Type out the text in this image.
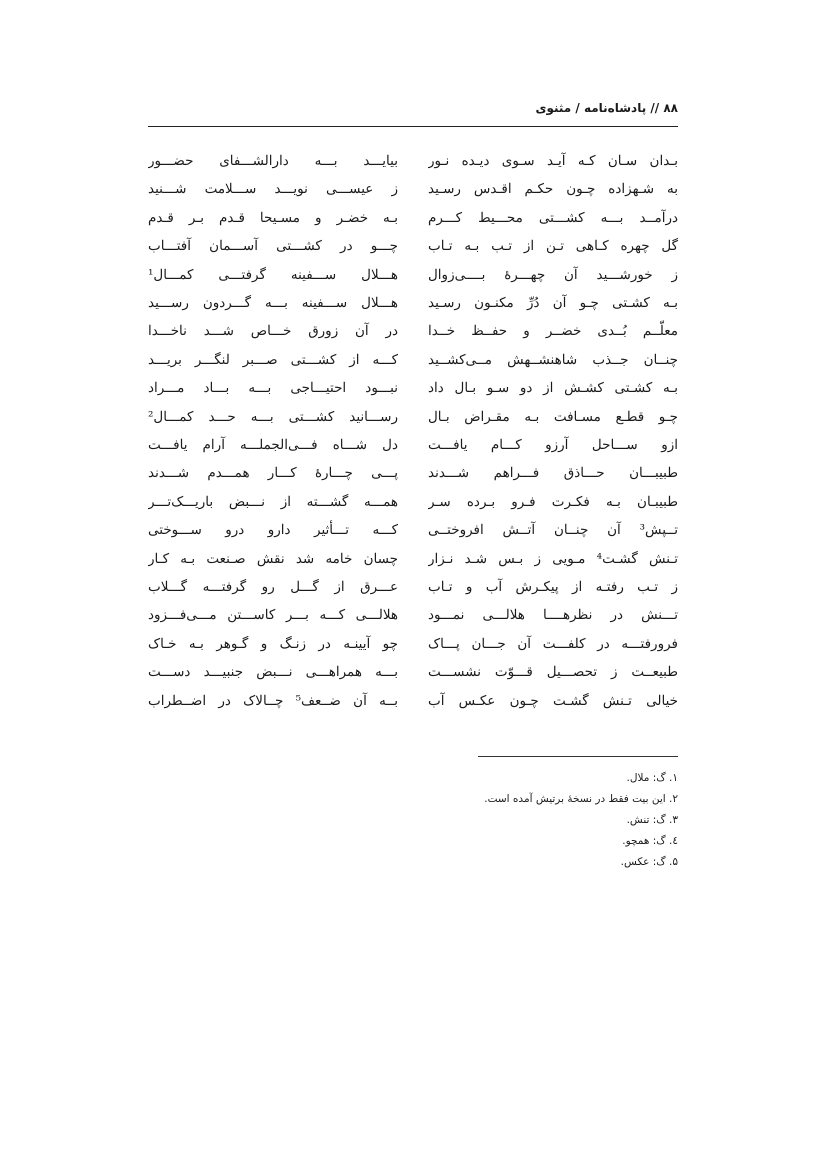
۸۸ // پادشاه‌نامه / مثنوی
بـدان سـان کـه آیـد سـوی دیـده نـور
به شـهزاده چـون حکـم اقـدس رسـید
درآمــد بـــه کشـــتی محـــیط کـــرم
گل چهره کـاهی تـن از تـب بـه تـاب
ز خورشـــید آن چهـــرۀ بــــی‌زوال
بـه کشـتی چـو آن دُرِّ مکنـون رسـید
معلّــم بُــدی خضــر و حفــظ خــدا
چنــان جــذب شاهنشــهش مــی‌کشــید
بـه کشـتی کشـش از دو سـو بـال داد
چـو قطـع مسـافت بـه مقـراض بـال
ازو ســـاحل آرزو کـــام یافـــت
طبیبـــان حـــاذق فـــراهم شـــدند
طبیبـان بـه فکـرت فـرو بـرده سـر
تــپش³ آن چنــان آتــش افروختــی
تـنش گشـت⁴ مـویی ز بـس شـد نـزار
ز تـب رفتـه از پیکـرش آب و تـاب
تـــنش در نظرهــــا هلالـــی نمـــود
فرورفتـــه در کلفـــت آن جـــان پـــاک
طبیعــت ز تحصـــیل قـــوّت نشســـت
خیالی تـنش گشـت چـون عکـس آب
بیایـــد بـــه دارالشـــفای حضـــور
ز عیســـی نویـــد ســـلامت شـــنید
بـه خضـر و مسـیحا قـدم بـر قـدم
چـــو در کشـــتی آســـمان آفتـــاب
هـــلال ســـفینه گرفتـــی کمـــال¹
هـــلال ســـفینه بـــه گـــردون رســـید
در آن زورق خـــاص شـــد ناخـــدا
کـــه از کشـــتی صـــبر لنگـــر بریـــد
نبـــود احتیـــاجی بـــه بـــاد مـــراد
رســـانید کشـــتی بـــه حـــد کمـــال²
دل شـــاه فـــی‌الجملـــه آرام یافـــت
پـــی چـــارۀ کـــار همـــدم شـــدند
همـــه گشـــته از نـــبض باریـــک‌تـــر
کـــه تـــأثیر دارو درو ســـوختی
چسان خامه شد نقش صـنعت بـه کـار
عـــرق از گـــل رو گرفتـــه گـــلاب
هلالـــی کـــه بـــر کاســـتن مـــی‌فـــزود
چو آیینـه در زنـگ و گـوهر بـه خـاک
بـــه همراهـــی نـــبض جنبیـــد دســـت
بــه آن ضــعف⁵ چــالاک در اضــطراب
۱. گ: ملال.
۲. این بیت فقط در نسخهٔ برتیش آمده است.
۳. گ: تنش.
٤. گ: همچو.
۵. گ: عکس.
